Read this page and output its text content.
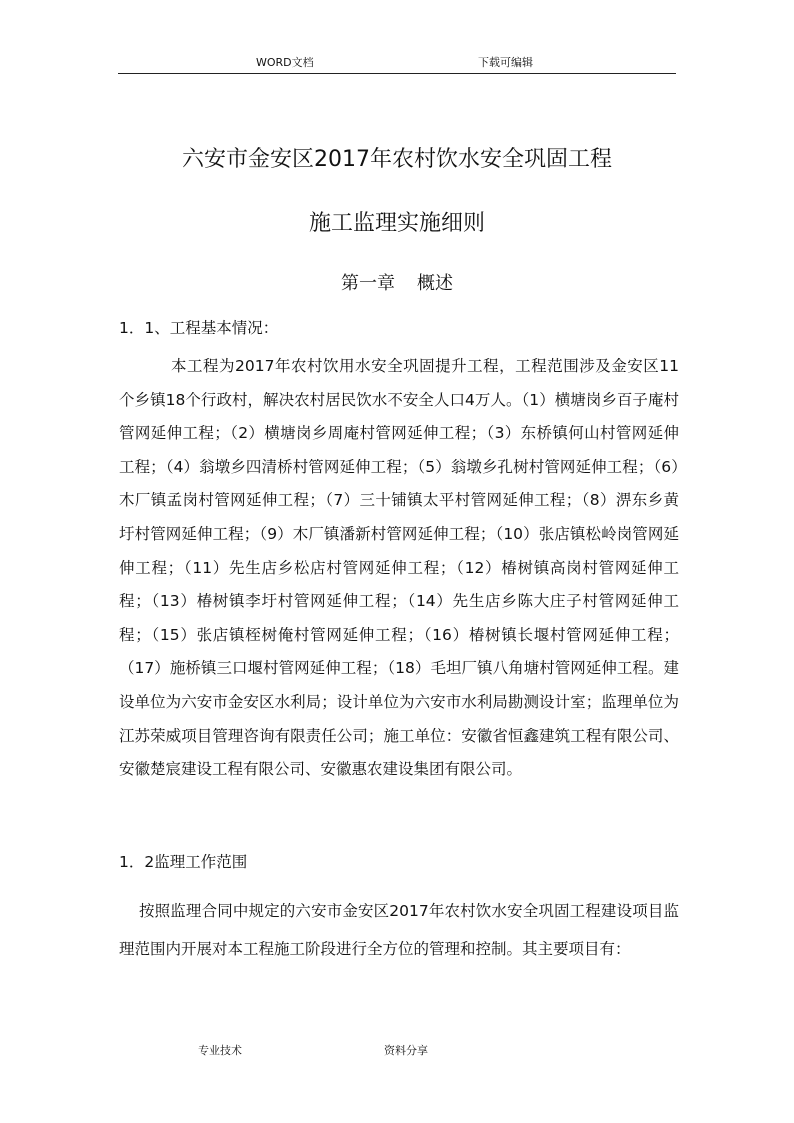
WORD文档	下载可编辑
六安市金安区2017年农村饮水安全巩固工程
施工监理实施细则
第一章 概述
1．1、工程基本情况：
本工程为2017年农村饮用水安全巩固提升工程，工程范围涉及金安区11个乡镇18个行政村，解决农村居民饮水不安全人口4万人。（1）横塘岗乡百子庵村管网延伸工程；（2）横塘岗乡周庵村管网延伸工程；（3）东桥镇何山村管网延伸工程；（4）翁墩乡四清桥村管网延伸工程；（5）翁墩乡孔树村管网延伸工程；（6）木厂镇孟岗村管网延伸工程；（7）三十铺镇太平村管网延伸工程；（8）淠东乡黄圩村管网延伸工程；（9）木厂镇潘新村管网延伸工程；（10）张店镇松岭岗管网延伸工程；（11）先生店乡松店村管网延伸工程；（12）椿树镇高岗村管网延伸工程；（13）椿树镇李圩村管网延伸工程；（14）先生店乡陈大庄子村管网延伸工程；（15）张店镇桎树俺村管网延伸工程；（16）椿树镇长堰村管网延伸工程；（17）施桥镇三口堰村管网延伸工程；（18）毛坦厂镇八角塘村管网延伸工程。建设单位为六安市金安区水利局；设计单位为六安市水利局勘测设计室；监理单位为江苏荣威项目管理咨询有限责任公司；施工单位：安徽省恒鑫建筑工程有限公司、安徽楚宸建设工程有限公司、安徽惠农建设集团有限公司。
1．2监理工作范围
按照监理合同中规定的六安市金安区2017年农村饮水安全巩固工程建设项目监理范围内开展对本工程施工阶段进行全方位的管理和控制。其主要项目有：
专业技术	资料分享
